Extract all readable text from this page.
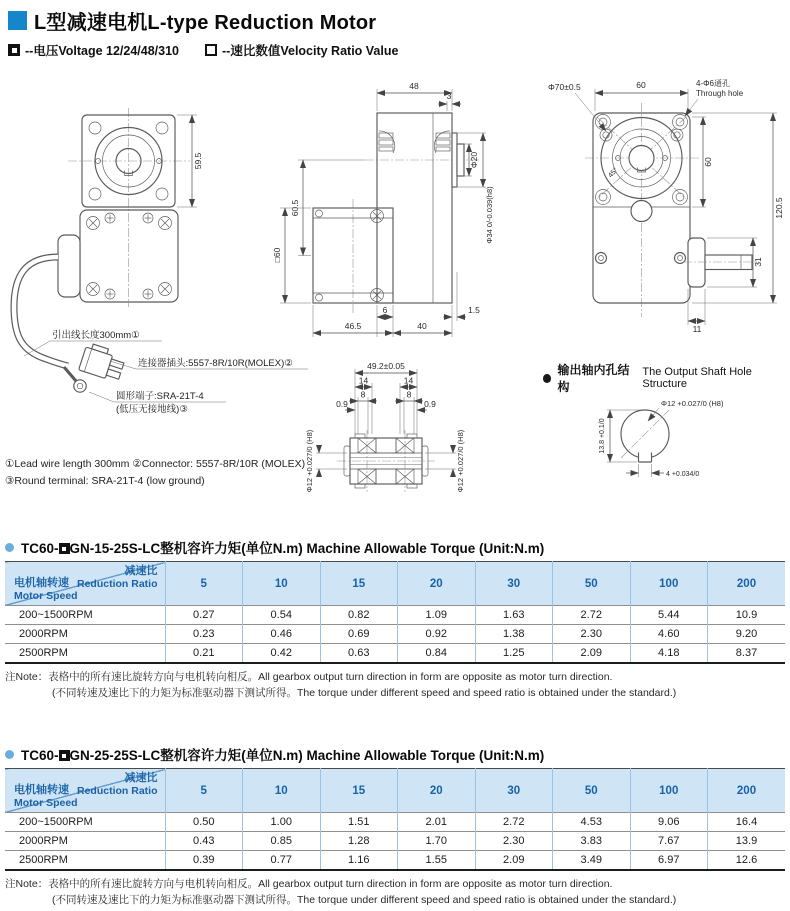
L型减速电机L-type Reduction Motor
--电压Voltage 12/24/48/310	--速比数值Velocity Ratio Value
59.5
引出线长度300mm①
连接器插头:5557-8R/10R(MOLEX)②
圆形端子:SRA-21T-4
(低压无接地线)③
48
3
Φ20
Φ34 0/-0.039(h8)
60.5
□60
6	1.5
46.5	40
45°
Φ70±0.5	60	4-Φ6通孔
Through hole
60
120.5
31
11
49.2±0.05
14	14
8	8
0.9	0.9
Φ12 +0.027/0 (H8)	Φ12 +0.027/0 (H8)
输出轴内孔结构
The Output Shaft Hole Structure
Φ12 +0.027/0 (H8)
13.8 +0.1/0
4 +0.034/0
①Lead wire length 300mm ②Connector: 5557-8R/10R (MOLEX)
③Round terminal: SRA-21T-4 (low ground)
TC60- GN-15-25S-LC整机容许力矩(单位N.m) Machine Allowable Torque (Unit:N.m)
减速比
Reduction Ratio
电机轴转速
Motor Speed	5	10	15	20	30	50	100	200
200~1500RPM	0.27	0.54	0.82	1.09	1.63	2.72	5.44	10.9
2000RPM	0.23	0.46	0.69	0.92	1.38	2.30	4.60	9.20
2500RPM	0.21	0.42	0.63	0.84	1.25	2.09	4.18	8.37
注Note：表格中的所有速比旋转方向与电机转向相反。All gearbox output turn direction in form are opposite as motor turn direction.
(不同转速及速比下的力矩为标准驱动器下测试所得。The torque under different speed and speed ratio is obtained under the standard.)
TC60- GN-25-25S-LC整机容许力矩(单位N.m) Machine Allowable Torque (Unit:N.m)
减速比
Reduction Ratio
电机轴转速
Motor Speed	5	10	15	20	30	50	100	200
200~1500RPM	0.50	1.00	1.51	2.01	2.72	4.53	9.06	16.4
2000RPM	0.43	0.85	1.28	1.70	2.30	3.83	7.67	13.9
2500RPM	0.39	0.77	1.16	1.55	2.09	3.49	6.97	12.6
注Note：表格中的所有速比旋转方向与电机转向相反。All gearbox output turn direction in form are opposite as motor turn direction.
(不同转速及速比下的力矩为标准驱动器下测试所得。The torque under different speed and speed ratio is obtained under the standard.)
